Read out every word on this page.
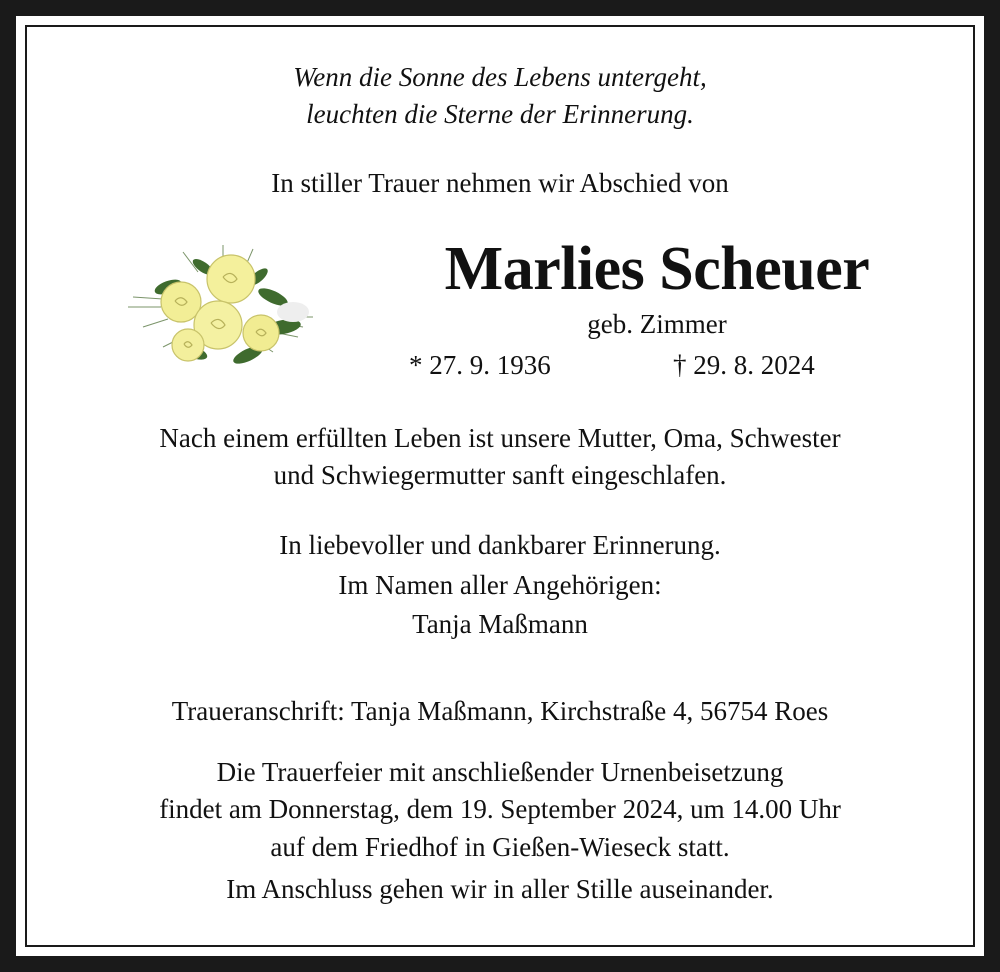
Wenn die Sonne des Lebens untergeht,
leuchten die Sterne der Erinnerung.
In stiller Trauer nehmen wir Abschied von
Marlies Scheuer
geb. Zimmer
* 27. 9. 1936	† 29. 8. 2024
Nach einem erfüllten Leben ist unsere Mutter, Oma, Schwester
und Schwiegermutter sanft eingeschlafen.
In liebevoller und dankbarer Erinnerung.
Im Namen aller Angehörigen:
Tanja Maßmann
Traueranschrift: Tanja Maßmann, Kirchstraße 4, 56754 Roes
Die Trauerfeier mit anschließender Urnenbeisetzung
findet am Donnerstag, dem 19. September 2024, um 14.00 Uhr
auf dem Friedhof in Gießen-Wieseck statt.
Im Anschluss gehen wir in aller Stille auseinander.
